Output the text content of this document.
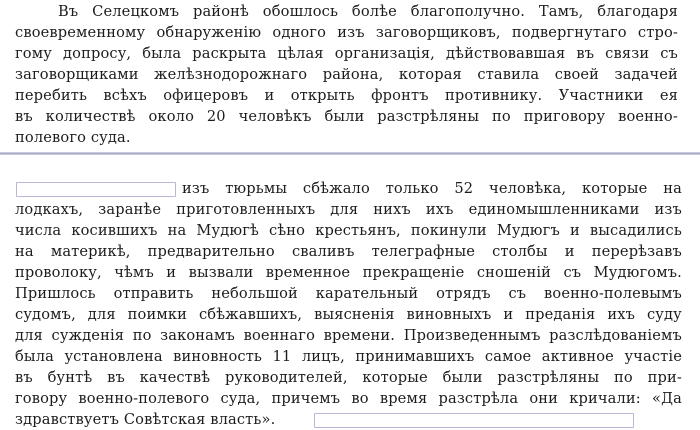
Въ Селецкомъ районѣ обошлось болѣе благополучно. Тамъ, благодаря
своевременному обнаруженію одного изъ заговорщиковъ, подвергнутаго стро-
гому допросу, была раскрыта цѣлая организація, дѣйствовавшая въ связи съ
заговорщиками желѣзнодорожнаго района, которая ставила своей задачей
перебить всѣхъ офицеровъ и открыть фронтъ противнику. Участники ея
въ количествѣ около 20 человѣкъ были разстрѣляны по приговору военно-
полевого суда.
изъ тюрьмы сбѣжало только 52 человѣка, которые на
лодкахъ, заранѣе приготовленныхъ для нихъ ихъ единомышленниками изъ
числа косившихъ на Мудюгѣ сѣно крестьянъ, покинули Мудюгъ и высадились
на материкѣ, предварительно сваливъ телеграфные столбы и перерѣзавъ
проволоку, чѣмъ и вызвали временное прекращеніе сношеній съ Мудюгомъ.
Пришлось отправить небольшой карательный отрядъ съ военно-полевымъ
судомъ, для поимки сбѣжавшихъ, выясненія виновныхъ и преданія ихъ суду
для сужденія по законамъ военнаго времени. Произведеннымъ разслѣдованіемъ
была установлена виновность 11 лицъ, принимавшихъ самое активное участіе
въ бунтѣ въ качествѣ руководителей, которые были разстрѣляны по при-
говору военно-полевого суда, причемъ во время разстрѣла они кричали: «Да
здравствуетъ Совѣтская власть».
